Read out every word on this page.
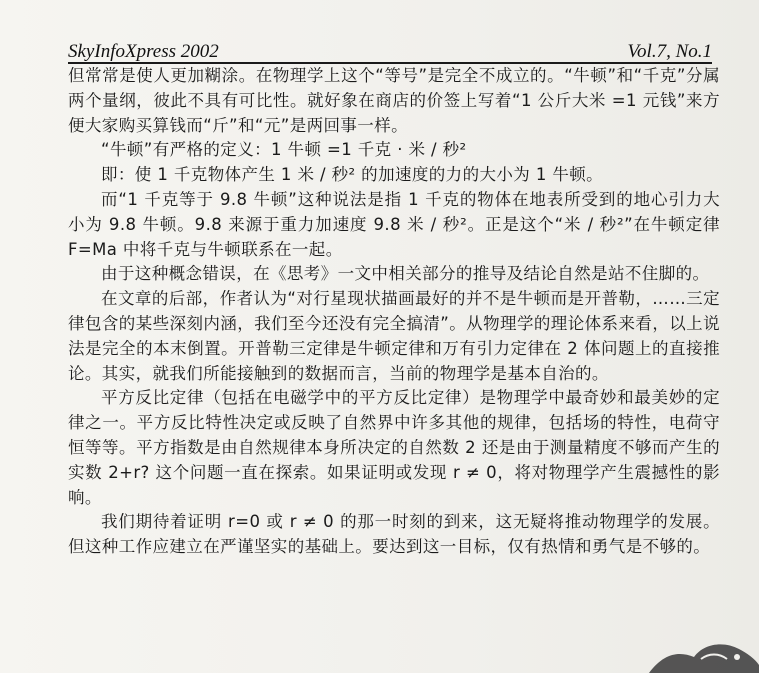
SkyInfoXpress 2002	Vol.7, No.1

但常常是使人更加糊涂。在物理学上这个“等号”是完全不成立的。“牛顿”和“千克”分属两个量纲，彼此不具有可比性。就好象在商店的价签上写着“1 公斤大米 =1 元钱”来方便大家购买算钱而“斤”和“元”是两回事一样。

“牛顿”有严格的定义：1 牛顿 =1 千克 · 米 / 秒²

即：使 1 千克物体产生 1 米 / 秒² 的加速度的力的大小为 1 牛顿。

而“1 千克等于 9.8 牛顿”这种说法是指 1 千克的物体在地表所受到的地心引力大小为 9.8 牛顿。9.8 来源于重力加速度 9.8 米 / 秒²。正是这个“米 / 秒²”在牛顿定律 F=Ma 中将千克与牛顿联系在一起。

由于这种概念错误，在《思考》一文中相关部分的推导及结论自然是站不住脚的。

在文章的后部，作者认为“对行星现状描画最好的并不是牛顿而是开普勒，……三定律包含的某些深刻内涵，我们至今还没有完全搞清”。从物理学的理论体系来看，以上说法是完全的本末倒置。开普勒三定律是牛顿定律和万有引力定律在 2 体问题上的直接推论。其实，就我们所能接触到的数据而言，当前的物理学是基本自治的。

平方反比定律（包括在电磁学中的平方反比定律）是物理学中最奇妙和最美妙的定律之一。平方反比特性决定或反映了自然界中许多其他的规律，包括场的特性，电荷守恒等等。平方指数是由自然规律本身所决定的自然数 2 还是由于测量精度不够而产生的实数 2+r? 这个问题一直在探索。如果证明或发现 r ≠ 0，将对物理学产生震撼性的影响。

我们期待着证明 r=0 或 r ≠ 0 的那一时刻的到来，这无疑将推动物理学的发展。但这种工作应建立在严谨坚实的基础上。要达到这一目标，仅有热情和勇气是不够的。
